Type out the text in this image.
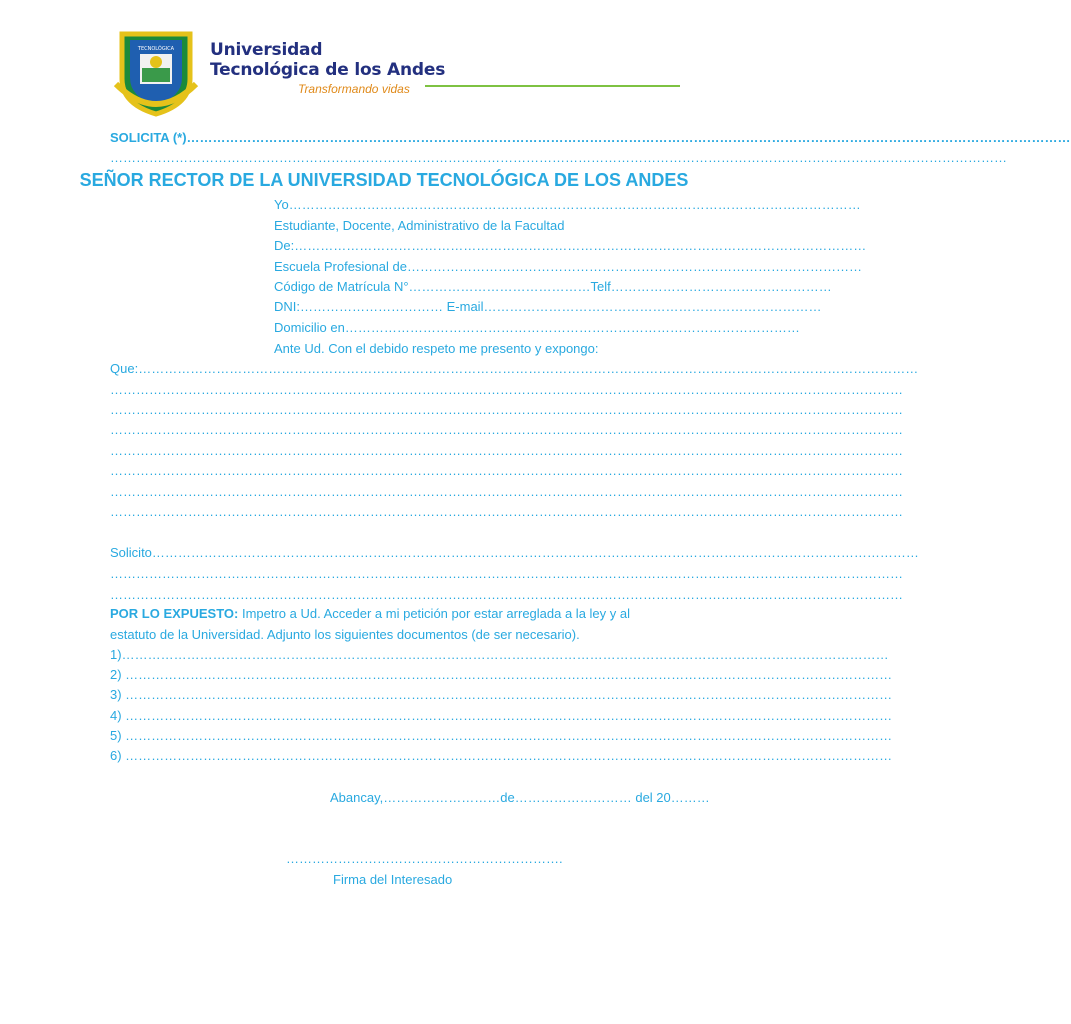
TECNOLÓGICA Universidad
Tecnológica de los Andes
Transformando vidas
SOLICITA (*)……………………………………………………………………………………………………………………………………………………………………………………
………………………………………………………………………………………………………………………………………………………………………………………
SEÑOR RECTOR DE LA UNIVERSIDAD TECNOLÓGICA DE LOS ANDES
Yo……………………………………………………………………………………………………………………
Estudiante, Docente, Administrativo de la Facultad
De:……………………………………………………………………………………………………………………
Escuela Profesional de……………………………………………………………………………………………
Código de Matrícula N°……………………………………Telf……………………………………………
DNI:…………………………… E-mail……………………………………………………………………
Domicilio en……………………………………………………………………………………………
Ante Ud. Con el debido respeto me presento y expongo:
Que:………………………………………………………………………………………………………………………………………………………………
…………………………………………………………………………………………………………………………………………………………………
…………………………………………………………………………………………………………………………………………………………………
…………………………………………………………………………………………………………………………………………………………………
…………………………………………………………………………………………………………………………………………………………………
…………………………………………………………………………………………………………………………………………………………………
…………………………………………………………………………………………………………………………………………………………………
…………………………………………………………………………………………………………………………………………………………………
Solicito……………………………………………………………………………………………………………………………………………………………
…………………………………………………………………………………………………………………………………………………………………
…………………………………………………………………………………………………………………………………………………………………
POR LO EXPUESTO: Impetro a Ud. Acceder a mi petición por estar arreglada a la ley y al
estatuto de la Universidad. Adjunto los siguientes documentos (de ser necesario).
1)……………………………………………………………………………………………………………………………………………………………
2) ……………………………………………………………………………………………………………………………………………………………
3) ……………………………………………………………………………………………………………………………………………………………
4) ……………………………………………………………………………………………………………………………………………………………
5) ……………………………………………………………………………………………………………………………………………………………
6) ……………………………………………………………………………………………………………………………………………………………
Abancay,………………………de……………………… del 20………
……………………………………………………….
Firma del Interesado
